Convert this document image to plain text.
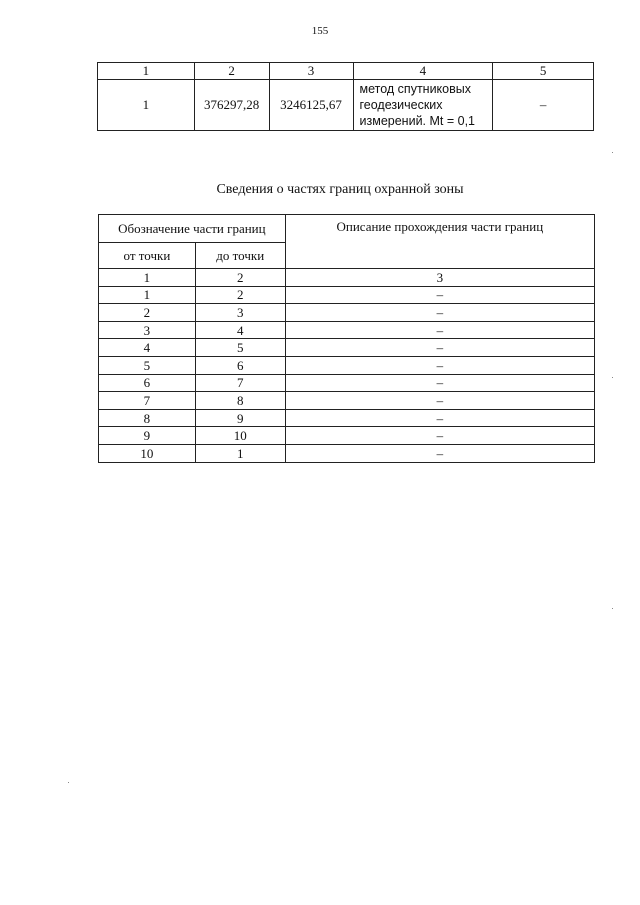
155
1	2	3	4	5
1	376297,28	3246125,67	метод спутниковых
геодезических
измерений. Mt = 0,1	–
Сведения о частях границ охранной зоны
Обозначение части границ		Описание прохождения части границ
от точки	до точки	
1	2	3
1	2	–
2	3	–
3	4	–
4	5	–
5	6	–
6	7	–
7	8	–
8	9	–
9	10	–
10	1	–
